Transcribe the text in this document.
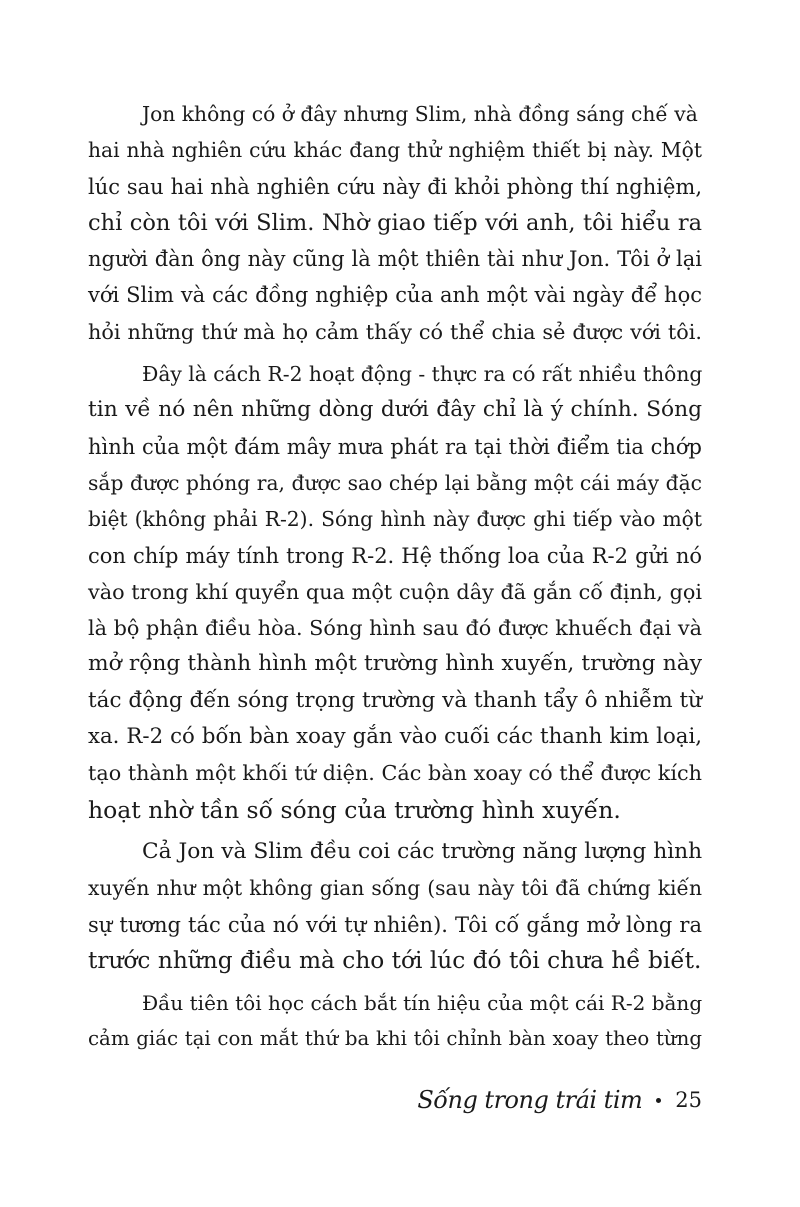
Jon không có ở đây nhưng Slim, nhà đồng sáng chế và
hai nhà nghiên cứu khác đang thử nghiệm thiết bị này. Một
lúc sau hai nhà nghiên cứu này đi khỏi phòng thí nghiệm,
chỉ còn tôi với Slim. Nhờ giao tiếp với anh, tôi hiểu ra
người đàn ông này cũng là một thiên tài như Jon. Tôi ở lại
với Slim và các đồng nghiệp của anh một vài ngày để học
hỏi những thứ mà họ cảm thấy có thể chia sẻ được với tôi.

Đây là cách R-2 hoạt động - thực ra có rất nhiều thông
tin về nó nên những dòng dưới đây chỉ là ý chính. Sóng
hình của một đám mây mưa phát ra tại thời điểm tia chớp
sắp được phóng ra, được sao chép lại bằng một cái máy đặc
biệt (không phải R-2). Sóng hình này được ghi tiếp vào một
con chíp máy tính trong R-2. Hệ thống loa của R-2 gửi nó
vào trong khí quyển qua một cuộn dây đã gắn cố định, gọi
là bộ phận điều hòa. Sóng hình sau đó được khuếch đại và
mở rộng thành hình một trường hình xuyến, trường này
tác động đến sóng trọng trường và thanh tẩy ô nhiễm từ
xa. R-2 có bốn bàn xoay gắn vào cuối các thanh kim loại,
tạo thành một khối tứ diện. Các bàn xoay có thể được kích
hoạt nhờ tần số sóng của trường hình xuyến.

Cả Jon và Slim đều coi các trường năng lượng hình
xuyến như một không gian sống (sau này tôi đã chứng kiến
sự tương tác của nó với tự nhiên). Tôi cố gắng mở lòng ra
trước những điều mà cho tới lúc đó tôi chưa hề biết.

Đầu tiên tôi học cách bắt tín hiệu của một cái R-2 bằng
cảm giác tại con mắt thứ ba khi tôi chỉnh bàn xoay theo từng

Sống trong trái tim 25
